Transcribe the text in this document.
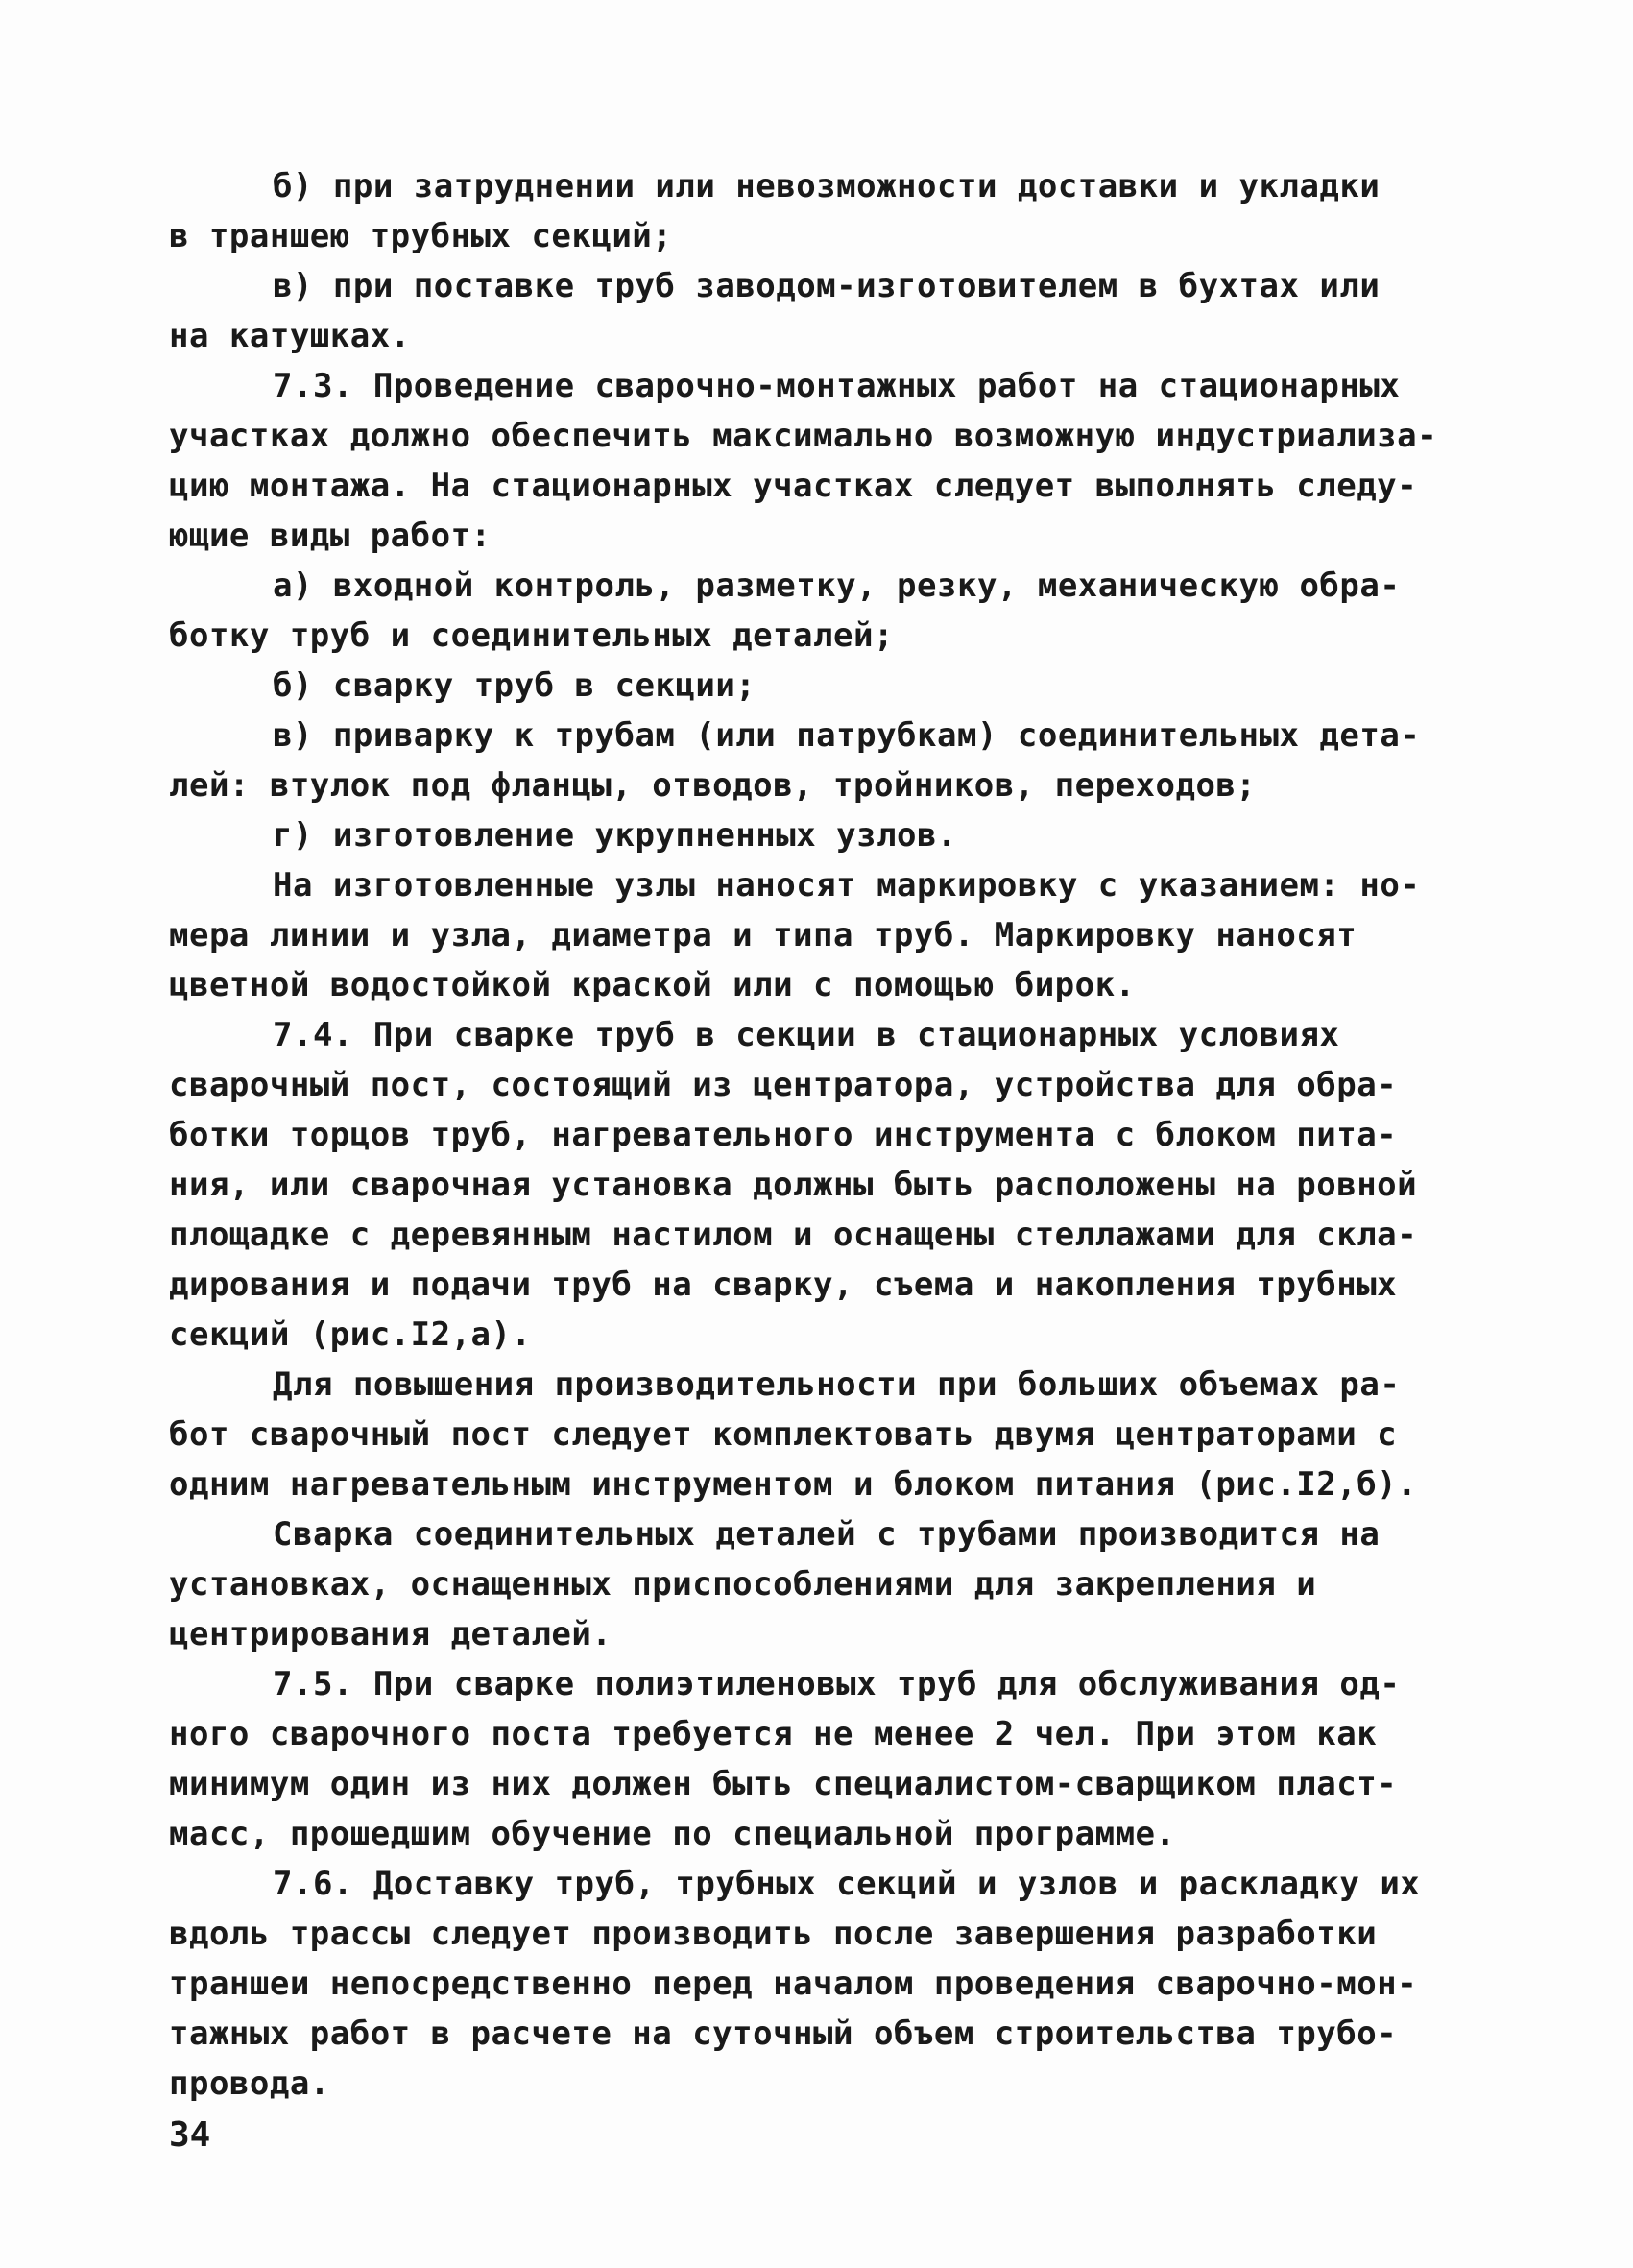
б) при затруднении или невозможности доставки и укладки
в траншею трубных секций;
в) при поставке труб заводом-изготовителем в бухтах или
на катушках.
7.3. Проведение сварочно-монтажных работ на стационарных
участках должно обеспечить максимально возможную индустриализа-
цию монтажа. На стационарных участках следует выполнять следу-
ющие виды работ:
а) входной контроль, разметку, резку, механическую обра-
ботку труб и соединительных деталей;
б) сварку труб в секции;
в) приварку к трубам (или патрубкам) соединительных дета-
лей: втулок под фланцы, отводов, тройников, переходов;
г) изготовление укрупненных узлов.
На изготовленные узлы наносят маркировку с указанием: но-
мера линии и узла, диаметра и типа труб. Маркировку наносят
цветной водостойкой краской или с помощью бирок.
7.4. При сварке труб в секции в стационарных условиях
сварочный пост, состоящий из центратора, устройства для обра-
ботки торцов труб, нагревательного инструмента с блоком пита-
ния, или сварочная установка должны быть расположены на ровной
площадке с деревянным настилом и оснащены стеллажами для скла-
дирования и подачи труб на сварку, съема и накопления трубных
секций (рис.I2,а).
Для повышения производительности при больших объемах ра-
бот сварочный пост следует комплектовать двумя центраторами с
одним нагревательным инструментом и блоком питания (рис.I2,б).
Сварка соединительных деталей с трубами производится на
установках, оснащенных приспособлениями для закрепления и
центрирования деталей.
7.5. При сварке полиэтиленовых труб для обслуживания од-
ного сварочного поста требуется не менее 2 чел. При этом как
минимум один из них должен быть специалистом-сварщиком пласт-
масс, прошедшим обучение по специальной программе.
7.6. Доставку труб, трубных секций и узлов и раскладку их
вдоль трассы следует производить после завершения разработки
траншеи непосредственно перед началом проведения сварочно-мон-
тажных работ в расчете на суточный объем строительства трубо-
провода.
34
